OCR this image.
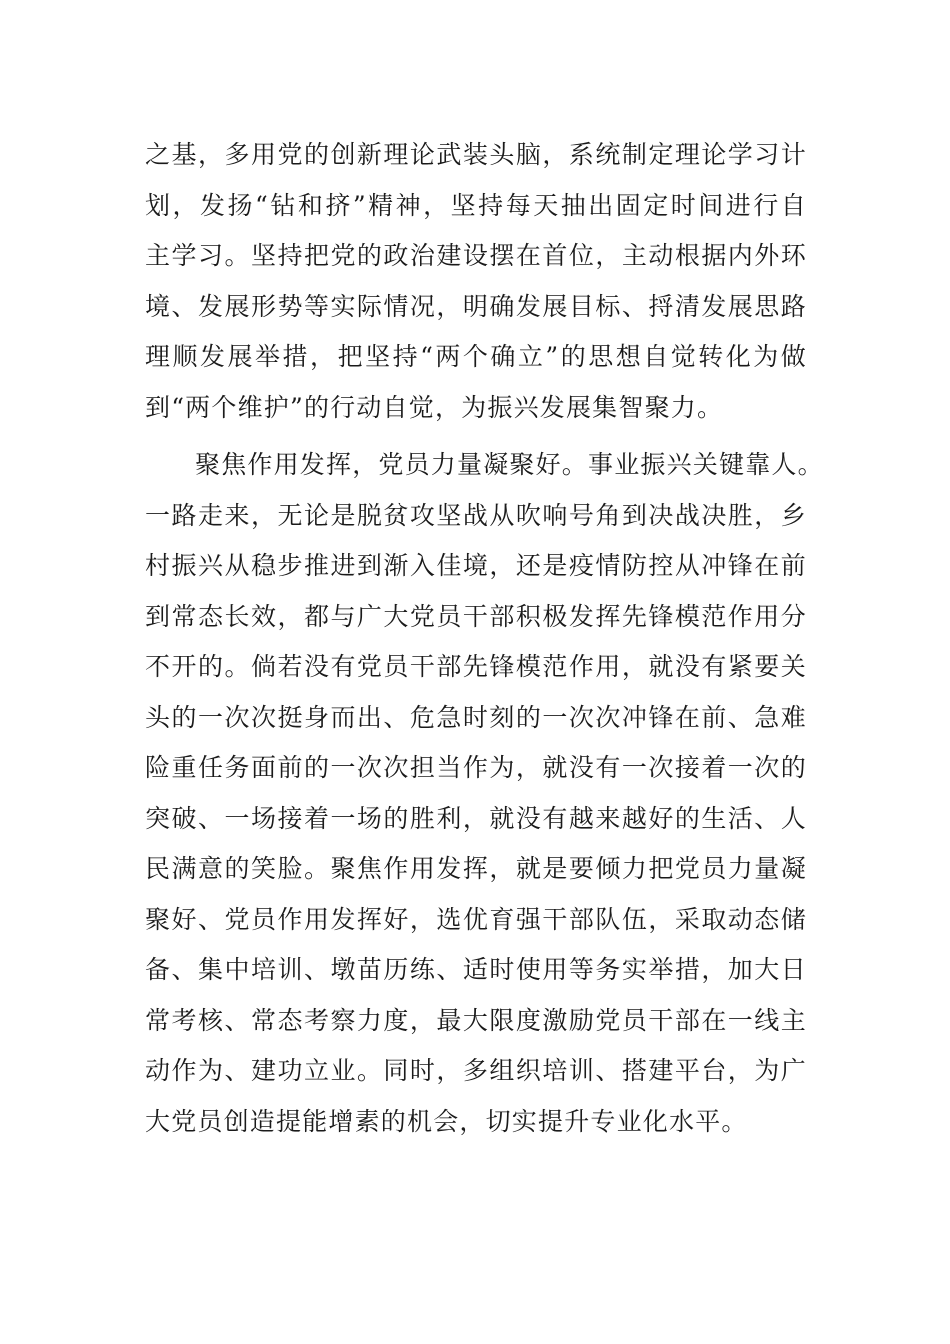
之基，多用党的创新理论武装头脑，系统制定理论学习计
划，发扬“钻和挤”精神，坚持每天抽出固定时间进行自
主学习。坚持把党的政治建设摆在首位，主动根据内外环
境、发展形势等实际情况，明确发展目标、捋清发展思路
理顺发展举措，把坚持“两个确立”的思想自觉转化为做
到“两个维护”的行动自觉，为振兴发展集智聚力。
聚焦作用发挥，党员力量凝聚好。事业振兴关键靠人。
一路走来，无论是脱贫攻坚战从吹响号角到决战决胜，乡
村振兴从稳步推进到渐入佳境，还是疫情防控从冲锋在前
到常态长效，都与广大党员干部积极发挥先锋模范作用分
不开的。倘若没有党员干部先锋模范作用，就没有紧要关
头的一次次挺身而出、危急时刻的一次次冲锋在前、急难
险重任务面前的一次次担当作为，就没有一次接着一次的
突破、一场接着一场的胜利，就没有越来越好的生活、人
民满意的笑脸。聚焦作用发挥，就是要倾力把党员力量凝
聚好、党员作用发挥好，选优育强干部队伍，采取动态储
备、集中培训、墩苗历练、适时使用等务实举措，加大日
常考核、常态考察力度，最大限度激励党员干部在一线主
动作为、建功立业。同时，多组织培训、搭建平台，为广
大党员创造提能增素的机会，切实提升专业化水平。
